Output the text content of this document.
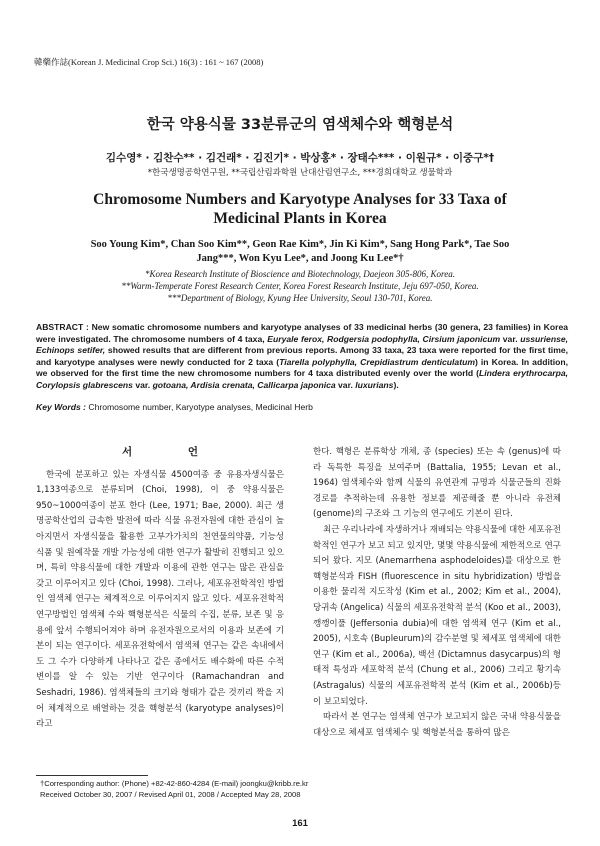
韓藥作誌(Korean J. Medicinal Crop Sci.) 16(3) : 161 ~ 167 (2008)
한국 약용식물 33분류군의 염색체수와 핵형분석
김수영* · 김찬수** · 김건래* · 김진기* · 박상홍* · 장태수*** · 이원규* · 이중구*†
*한국생명공학연구원, **국립산림과학원 난대산림연구소, ***경희대학교 생물학과
Chromosome Numbers and Karyotype Analyses for 33 Taxa of Medicinal Plants in Korea
Soo Young Kim*, Chan Soo Kim**, Geon Rae Kim*, Jin Ki Kim*, Sang Hong Park*, Tae Soo Jang***, Won Kyu Lee*, and Joong Ku Lee*†
*Korea Research Institute of Bioscience and Biotechnology, Daejeon 305-806, Korea.
**Warm-Temperate Forest Research Center, Korea Forest Research Institute, Jeju 697-050, Korea.
***Department of Biology, Kyung Hee University, Seoul 130-701, Korea.
ABSTRACT : New somatic chromosome numbers and karyotype analyses of 33 medicinal herbs (30 genera, 23 families) in Korea were investigated. The chromosome numbers of 4 taxa, Euryale ferox, Rodgersia podophylla, Cirsium japonicum var. ussuriense, Echinops setifer, showed results that are different from previous reports. Among 33 taxa, 23 taxa were reported for the first time, and karyotype analyses were newly conducted for 2 taxa (Tiarella polyphylla, Crepidiastrum denticulatum) in Korea. In addition, we observed for the first time the new chromosome numbers for 4 taxa distributed evenly over the world (Lindera erythrocarpa, Corylopsis glabrescens var. gotoana, Ardisia crenata, Callicarpa japonica var. luxurians).
Key Words : Chromosome number, Karyotype analyses, Medicinal Herb
서 언

한국에 분포하고 있는 자생식물 4500여종 중 유용자생식물은 1,133여종으로 분류되며 (Choi, 1998), 이 중 약용식물은 950~1000여종이 분포 한다 (Lee, 1971; Bae, 2000). 최근 생명공학산업의 급속한 발전에 따라 식물 유전자원에 대한 관심이 높아지면서 자생식물을 활용한 고부가가치의 천연물의약품, 기능성 식품 및 원예작물 개발 가능성에 대한 연구가 활발히 진행되고 있으며, 특히 약용식물에 대한 개발과 이용에 관한 연구는 많은 관심을 갖고 이루어지고 있다 (Choi, 1998). 그러나, 세포유전학적인 방법인 염색체 연구는 체계적으로 이루어지지 않고 있다. 세포유전학적 연구방법인 염색체 수와 핵형분석은 식물의 수집, 분류, 보존 및 응용에 앞서 수행되어져야 하며 유전자원으로서의 이용과 보존에 기본이 되는 연구이다. 세포유전학에서 염색체 연구는 같은 속내에서도 그 수가 다양하게 나타나고 같은 종에서도 배수화에 따른 수적 변이를 알 수 있는 기반 연구이다 (Ramachandran and Seshadri, 1986). 염색체들의 크기와 형태가 같은 것끼리 짝을 지어 체계적으로 배열하는 것을 핵형분석 (karyotype analyses)이라고

한다. 핵형은 분류학상 개체, 종 (species) 또는 속 (genus)에 따라 독특한 특징을 보여주며 (Battalia, 1955; Levan et al., 1964) 염색체수와 함께 식물의 유연관계 규명과 식물군들의 진화 경로를 추적하는데 유용한 정보를 제공해줄 뿐 아니라 유전체 (genome)의 구조와 그 기능의 연구에도 기본이 된다.

최근 우리나라에 자생하거나 재배되는 약용식물에 대한 세포유전학적인 연구가 보고 되고 있지만, 몇몇 약용식물에 제한적으로 연구되어 왔다. 지모 (Anemarrhena asphodeloides)를 대상으로 한 핵형분석과 FISH (fluorescence in situ hybridization) 방법을 이용한 물리적 지도작성 (Kim et al., 2002; Kim et al., 2004), 당귀속 (Angelica) 식물의 세포유전학적 분석 (Koo et al., 2003), 깽깽이풀 (Jeffersonia dubia)에 대한 염색체 연구 (Kim et al., 2005), 시호속 (Bupleurum)의 감수분열 및 체세포 염색체에 대한 연구 (Kim et al., 2006a), 백선 (Dictamnus dasycarpus)의 형태적 특성과 세포학적 분석 (Chung et al., 2006) 그리고 황기속 (Astragalus) 식물의 세포유전학적 분석 (Kim et al., 2006b)등이 보고되었다.

따라서 본 연구는 염색체 연구가 보고되지 않은 국내 약용식물을 대상으로 체세포 염색체수 및 핵형분석을 통하여 많은

†Corresponding author: (Phone) +82-42-860-4284 (E-mail) joongku@kribb.re.kr
Received October 30, 2007 / Revised April 01, 2008 / Accepted May 28, 2008
161
